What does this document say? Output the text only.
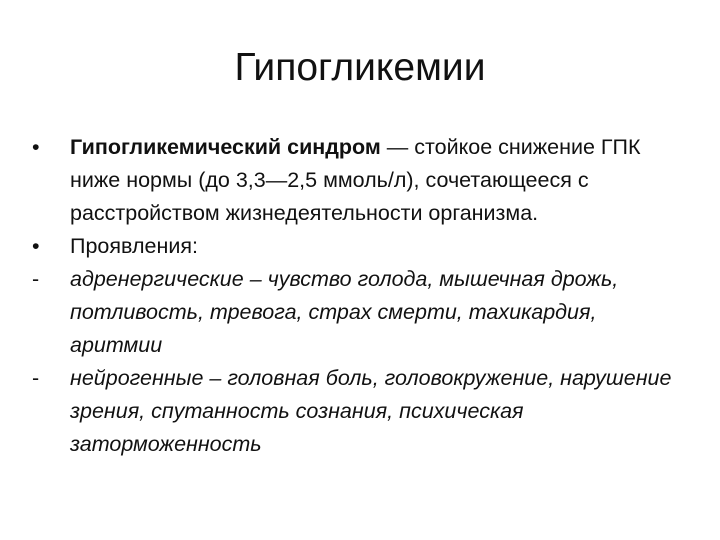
Гипогликемии

•	Гипогликемический синдром — стойкое снижение ГПК ниже нормы (до 3,3—2,5 ммоль/л), сочетающееся с расстройством жизнедеятельности организма.

•	Проявления:

-	адренергические – чувство голода, мышечная дрожь, потливость, тревога, страх смерти, тахикардия, аритмии

-	нейрогенные – головная боль, головокружение, нарушение зрения, спутанность сознания, психическая заторможенность
